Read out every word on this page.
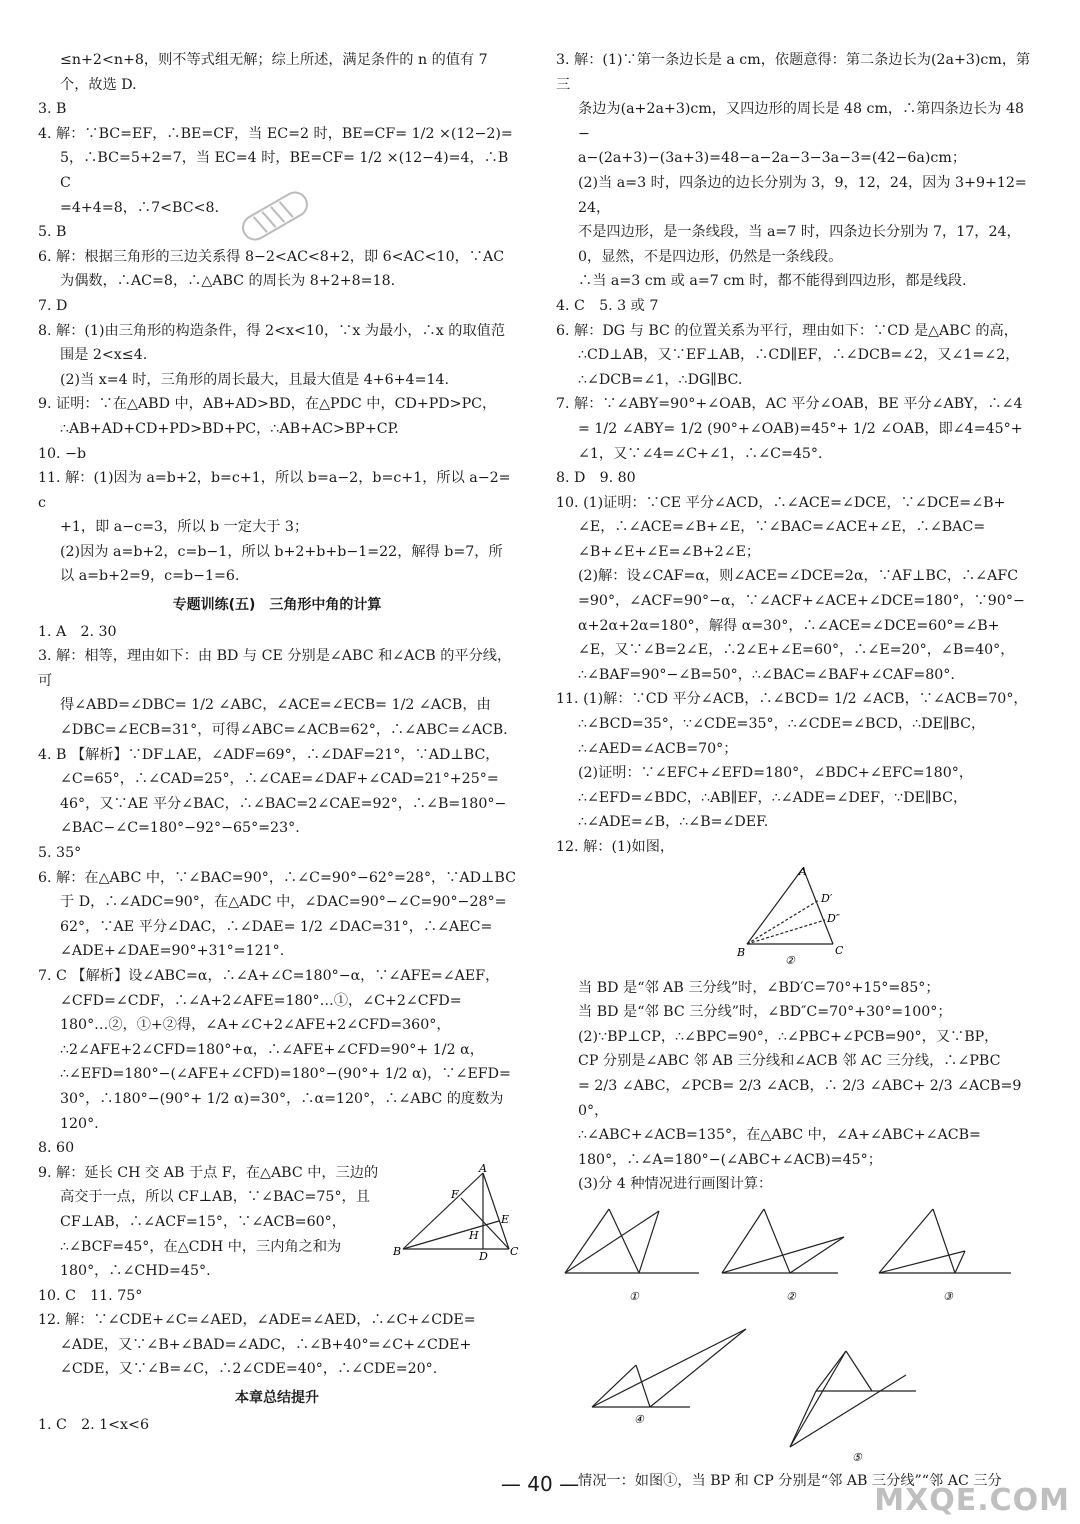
≤n+2<n+8，则不等式组无解；综上所述，满足条件的 n 的值有 7
个，故选 D.
3. B
4. 解：∵BC=EF，∴BE=CF，当 EC=2 时，BE=CF= 1/2 ×(12−2)=
5，∴BC=5+2=7，当 EC=4 时，BE=CF= 1/2 ×(12−4)=4，∴BC
=4+4=8，∴7<BC<8.
5. B
6. 解：根据三角形的三边关系得 8−2<AC<8+2，即 6<AC<10，∵AC
为偶数，∴AC=8，∴△ABC 的周长为 8+2+8=18.
7. D
8. 解：(1)由三角形的构造条件，得 2<x<10，∵x 为最小，∴x 的取值范
围是 2<x≤4.
(2)当 x=4 时，三角形的周长最大，且最大值是 4+6+4=14.
9. 证明：∵在△ABD 中，AB+AD>BD，在△PDC 中，CD+PD>PC，
∴AB+AD+CD+PD>BD+PC，∴AB+AC>BP+CP.
10. −b
11. 解：(1)因为 a=b+2，b=c+1，所以 b=a−2，b=c+1，所以 a−2=c
+1，即 a−c=3，所以 b 一定大于 3；
(2)因为 a=b+2，c=b−1，所以 b+2+b+b−1=22，解得 b=7，所
以 a=b+2=9，c=b−1=6.
专题训练(五)　三角形中角的计算
1. A　2. 30
3. 解：相等，理由如下：由 BD 与 CE 分别是∠ABC 和∠ACB 的平分线，可
得∠ABD=∠DBC= 1/2 ∠ABC，∠ACE=∠ECB= 1/2 ∠ACB，由
∠DBC=∠ECB=31°，可得∠ABC=∠ACB=62°，∴∠ABC=∠ACB.
4. B 【解析】∵DF⊥AE，∠ADF=69°，∴∠DAF=21°，∵AD⊥BC，
∠C=65°，∴∠CAD=25°，∴∠CAE=∠DAF+∠CAD=21°+25°=
46°，又∵AE 平分∠BAC，∴∠BAC=2∠CAE=92°，∴∠B=180°−
∠BAC−∠C=180°−92°−65°=23°.
5. 35°
6. 解：在△ABC 中，∵∠BAC=90°，∴∠C=90°−62°=28°，∵AD⊥BC
于 D，∴∠ADC=90°，在△ADC 中，∠DAC=90°−∠C=90°−28°=
62°，∵AE 平分∠DAC，∴∠DAE= 1/2 ∠DAC=31°，∴∠AEC=
∠ADE+∠DAE=90°+31°=121°.
7. C 【解析】设∠ABC=α，∴∠A+∠C=180°−α，∵∠AFE=∠AEF，
∠CFD=∠CDF，∴∠A+2∠AFE=180°…①，∠C+2∠CFD=
180°…②，①+②得，∠A+∠C+2∠AFE+2∠CFD=360°，
∴2∠AFE+2∠CFD=180°+α，∴∠AFE+∠CFD=90°+ 1/2 α，
∴∠EFD=180°−(∠AFE+∠CFD)=180°−(90°+ 1/2 α)，∵∠EFD=
30°，∴180°−(90°+ 1/2 α)=30°，∴α=120°，∴∠ABC 的度数为 120°.
8. 60
9. 解：延长 CH 交 AB 于点 F，在△ABC 中，三边的
高交于一点，所以 CF⊥AB，∵∠BAC=75°，且
CF⊥AB，∴∠ACF=15°，∵∠ACB=60°，
∴∠BCF=45°，在△CDH 中，三内角之和为
180°，∴∠CHD=45°.
A
F
E
H
B	D C
10. C　11. 75°
12. 解：∵∠CDE+∠C=∠AED，∠ADE=∠AED，∴∠C+∠CDE=
∠ADE，又∵∠B+∠BAD=∠ADC，∴∠B+40°=∠C+∠CDE+
∠CDE，又∵∠B=∠C，∴2∠CDE=40°，∴∠CDE=20°.
本章总结提升
1. C　2. 1<x<6
3. 解：(1)∵第一条边长是 a cm，依题意得：第二条边长为(2a+3)cm，第三
条边为(a+2a+3)cm，又四边形的周长是 48 cm，∴第四条边长为 48−
a−(2a+3)−(3a+3)=48−a−2a−3−3a−3=(42−6a)cm；
(2)当 a=3 时，四条边的边长分别为 3，9，12，24，因为 3+9+12=24，
不是四边形，是一条线段，当 a=7 时，四条边长分别为 7，17，24，
0，显然，不是四边形，仍然是一条线段。
∴当 a=3 cm 或 a=7 cm 时，都不能得到四边形，都是线段.
4. C　5. 3 或 7
6. 解：DG 与 BC 的位置关系为平行，理由如下：∵CD 是△ABC 的高，
∴CD⊥AB，又∵EF⊥AB，∴CD∥EF，∴∠DCB=∠2，又∠1=∠2，
∴∠DCB=∠1，∴DG∥BC.
7. 解：∵∠ABY=90°+∠OAB，AC 平分∠OAB，BE 平分∠ABY，∴∠4
= 1/2 ∠ABY= 1/2 (90°+∠OAB)=45°+ 1/2 ∠OAB，即∠4=45°+
∠1，又∵∠4=∠C+∠1，∴∠C=45°.
8. D　9. 80
10. (1)证明：∵CE 平分∠ACD，∴∠ACE=∠DCE，∵∠DCE=∠B+
∠E，∴∠ACE=∠B+∠E，∵∠BAC=∠ACE+∠E，∴∠BAC=
∠B+∠E+∠E=∠B+2∠E；
(2)解：设∠CAF=α，则∠ACE=∠DCE=2α，∵AF⊥BC，∴∠AFC
=90°，∠ACF=90°−α，∵∠ACF+∠ACE+∠DCE=180°，∵90°−
α+2α+2α=180°，解得 α=30°，∴∠ACE=∠DCE=60°=∠B+
∠E，又∵∠B=2∠E，∴2∠E+∠E=60°，∴∠E=20°，∠B=40°，
∴∠BAF=90°−∠B=50°，∴∠BAC=∠BAF+∠CAF=80°.
11. (1)解：∵CD 平分∠ACB，∴∠BCD= 1/2 ∠ACB，∵∠ACB=70°，
∴∠BCD=35°，∵∠CDE=35°，∴∠CDE=∠BCD，∴DE∥BC，
∴∠AED=∠ACB=70°；
(2)证明：∵∠EFC+∠EFD=180°，∠BDC+∠EFC=180°，
∴∠EFD=∠BDC，∴AB∥EF，∴∠ADE=∠DEF，∵DE∥BC，
∴∠ADE=∠B，∴∠B=∠DEF.
12. 解：(1)如图，
A
D′
D″
B	C
②
当 BD 是“邻 AB 三分线”时，∠BD′C=70°+15°=85°；
当 BD 是“邻 BC 三分线”时，∠BD″C=70°+30°=100°；
(2)∵BP⊥CP，∴∠BPC=90°，∴∠PBC+∠PCB=90°，又∵BP，
CP 分别是∠ABC 邻 AB 三分线和∠ACB 邻 AC 三分线，∴∠PBC
= 2/3 ∠ABC，∠PCB= 2/3 ∠ACB，∴ 2/3 ∠ABC+ 2/3 ∠ACB=90°，
∴∠ABC+∠ACB=135°，在△ABC 中，∠A+∠ABC+∠ACB=
180°，∴∠A=180°−(∠ABC+∠ACB)=45°；
(3)分 4 种情况进行画图计算：
①	②	③
④
⑤
情况一：如图①，当 BP 和 CP 分别是“邻 AB 三分线”“邻 AC 三分
— 40 —	MXQE.COM
